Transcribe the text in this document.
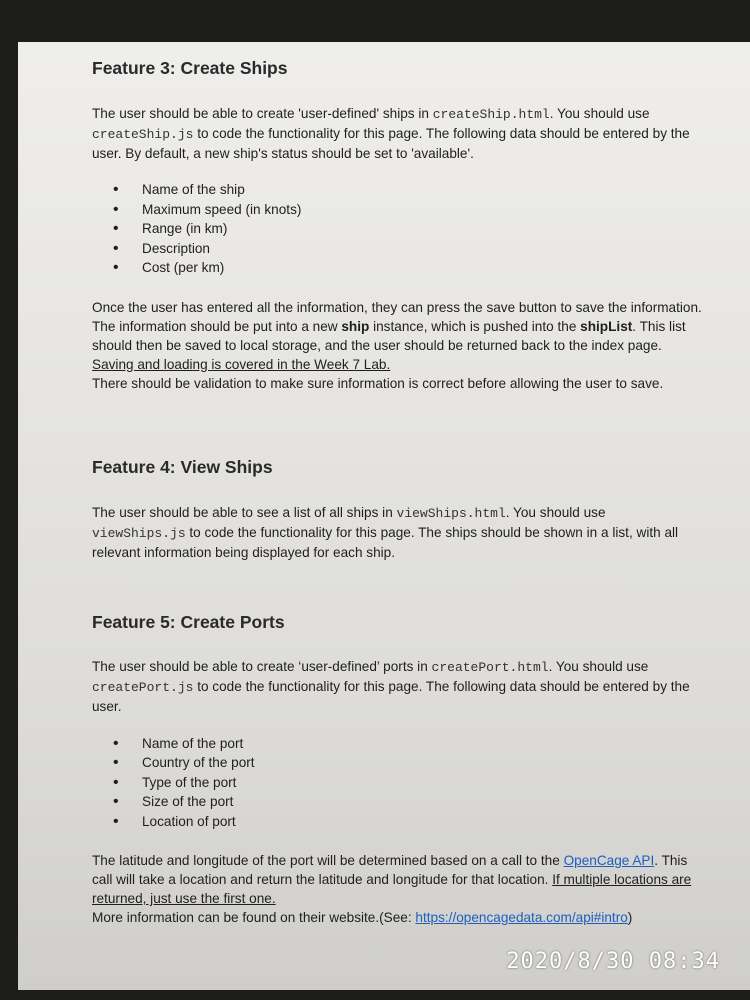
Feature 3: Create Ships

The user should be able to create 'user-defined' ships in createShip.html. You should use createShip.js to code the functionality for this page. The following data should be entered by the user. By default, a new ship's status should be set to 'available'.

• Name of the ship
• Maximum speed (in knots)
• Range (in km)
• Description
• Cost (per km)

Once the user has entered all the information, they can press the save button to save the information. The information should be put into a new ship instance, which is pushed into the shipList. This list should then be saved to local storage, and the user should be returned back to the index page. Saving and loading is covered in the Week 7 Lab.
There should be validation to make sure information is correct before allowing the user to save.

Feature 4: View Ships

The user should be able to see a list of all ships in viewShips.html. You should use viewShips.js to code the functionality for this page. The ships should be shown in a list, with all relevant information being displayed for each ship.

Feature 5: Create Ports

The user should be able to create ‘user-defined’ ports in createPort.html. You should use createPort.js to code the functionality for this page. The following data should be entered by the user.

• Name of the port
• Country of the port
• Type of the port
• Size of the port
• Location of port

The latitude and longitude of the port will be determined based on a call to the OpenCage API. This call will take a location and return the latitude and longitude for that location. If multiple locations are returned, just use the first one.
More information can be found on their website.(See: https://opencagedata.com/api#intro)

2020/8/30 08:34
